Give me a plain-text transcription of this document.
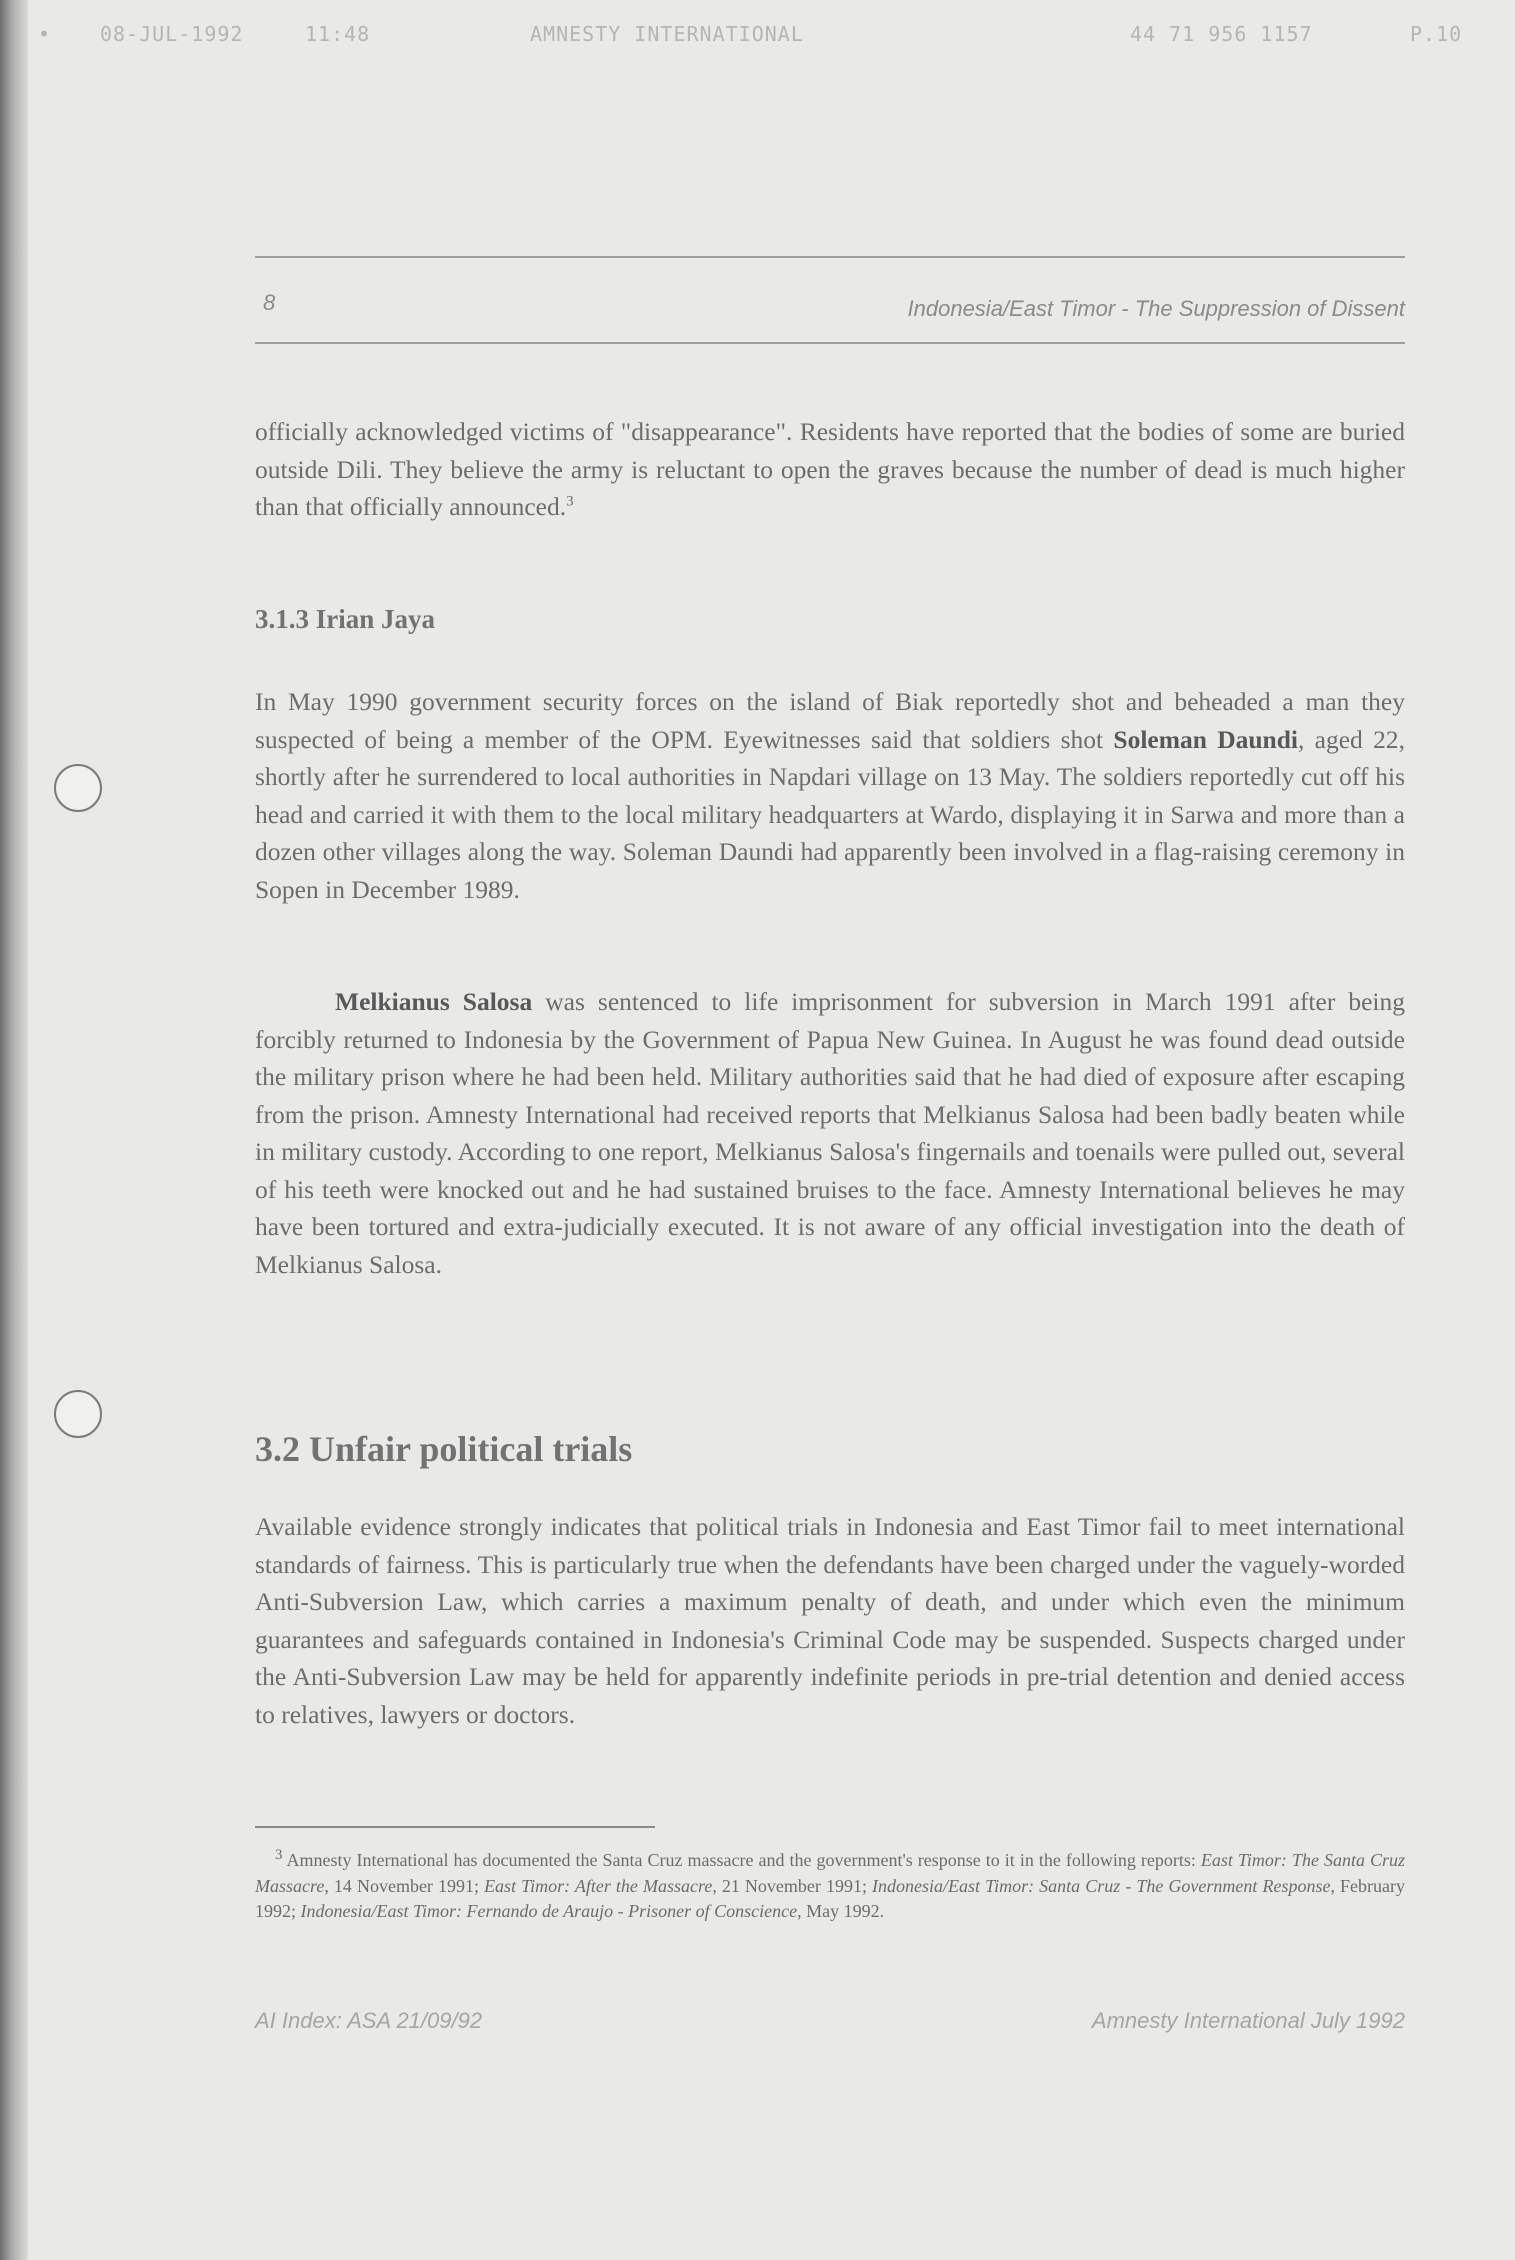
• 08-JUL-1992	11:48	AMNESTY INTERNATIONAL	44 71 956 1157	P.10
8	Indonesia/East Timor - The Suppression of Dissent

officially acknowledged victims of "disappearance". Residents have reported that the bodies of some are buried outside Dili. They believe the army is reluctant to open the graves because the number of dead is much higher than that officially announced.$^3$

3.1.3 Irian Jaya

In May 1990 government security forces on the island of Biak reportedly shot and beheaded a man they suspected of being a member of the OPM. Eyewitnesses said that soldiers shot Soleman Daundi, aged 22, shortly after he surrendered to local authorities in Napdari village on 13 May. The soldiers reportedly cut off his head and carried it with them to the local military headquarters at Wardo, displaying it in Sarwa and more than a dozen other villages along the way. Soleman Daundi had apparently been involved in a flag-raising ceremony in Sopen in December 1989.

Melkianus Salosa was sentenced to life imprisonment for subversion in March 1991 after being forcibly returned to Indonesia by the Government of Papua New Guinea. In August he was found dead outside the military prison where he had been held. Military authorities said that he had died of exposure after escaping from the prison. Amnesty International had received reports that Melkianus Salosa had been badly beaten while in military custody. According to one report, Melkianus Salosa's fingernails and toenails were pulled out, several of his teeth were knocked out and he had sustained bruises to the face. Amnesty International believes he may have been tortured and extra-judicially executed. It is not aware of any official investigation into the death of Melkianus Salosa.

3.2 Unfair political trials

Available evidence strongly indicates that political trials in Indonesia and East Timor fail to meet international standards of fairness. This is particularly true when the defendants have been charged under the vaguely-worded Anti-Subversion Law, which carries a maximum penalty of death, and under which even the minimum guarantees and safeguards contained in Indonesia's Criminal Code may be suspended. Suspects charged under the Anti-Subversion Law may be held for apparently indefinite periods in pre-trial detention and denied access to relatives, lawyers or doctors.

$^3$ Amnesty International has documented the Santa Cruz massacre and the government's response to it in the following reports: East Timor: The Santa Cruz Massacre, 14 November 1991; East Timor: After the Massacre, 21 November 1991; Indonesia/East Timor: Santa Cruz - The Government Response, February 1992; Indonesia/East Timor: Fernando de Araujo - Prisoner of Conscience, May 1992.

AI Index: ASA 21/09/92	Amnesty International July 1992
